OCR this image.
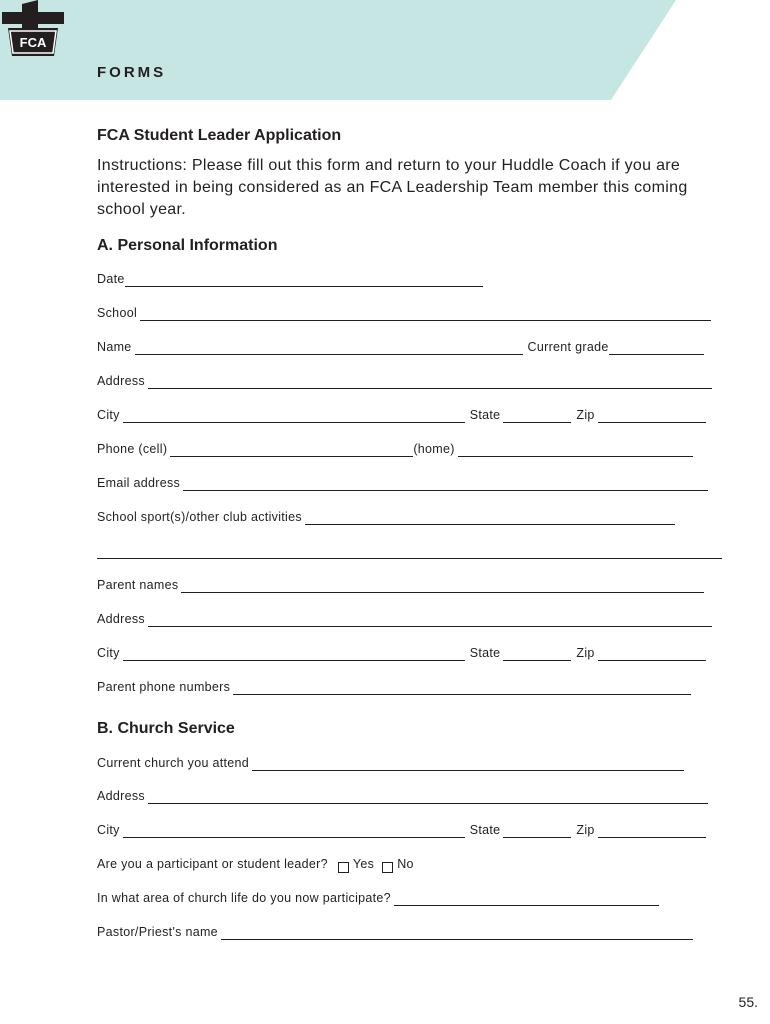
FORMS
FCA
FCA Student Leader Application
Instructions: Please fill out this form and return to your Huddle Coach if you are interested in being considered as an FCA Leadership Team member this coming school year.
A. Personal Information
Date
School
Name	Current grade
Address
City	State	Zip
Phone (cell)	(home)
Email address
School sport(s)/other club activities
Parent names
Address
City	State	Zip
Parent phone numbers
B. Church Service
Current church you attend
Address
City	State	Zip
Are you a participant or student leader? Yes No
In what area of church life do you now participate?
Pastor/Priest's name
55.
